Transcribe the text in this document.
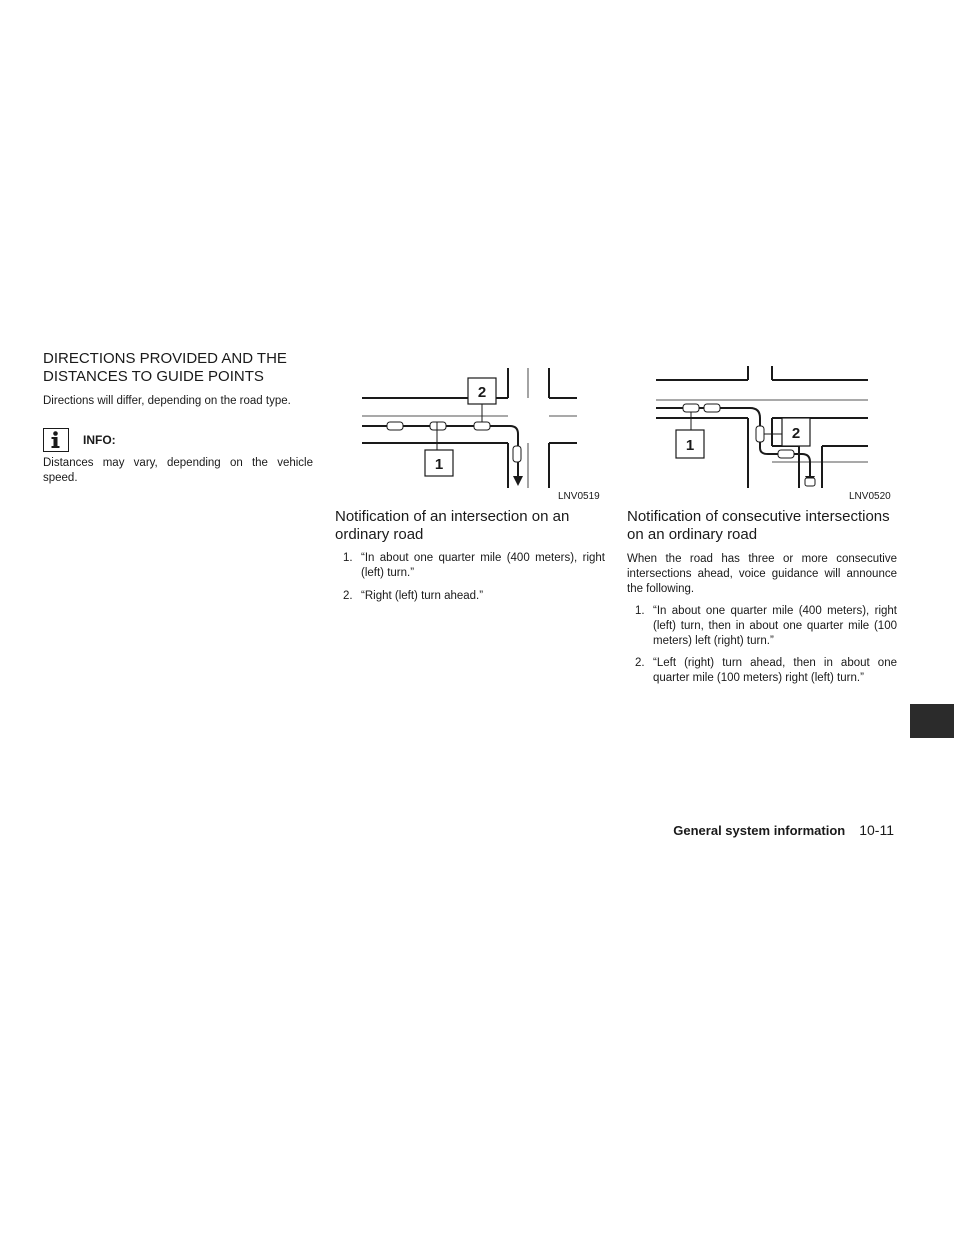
DIRECTIONS PROVIDED AND THE DISTANCES TO GUIDE POINTS
Directions will differ, depending on the road type.
INFO:
Distances may vary, depending on the vehicle speed.
1
2
LNV0519
Notification of an intersection on an ordinary road
1. “In about one quarter mile (400 meters), right (left) turn.”
2. “Right (left) turn ahead.”
1
2
LNV0520
Notification of consecutive intersections on an ordinary road
When the road has three or more consecutive intersections ahead, voice guidance will announce the following.
1. “In about one quarter mile (400 meters), right (left) turn, then in about one quarter mile (100 meters) left (right) turn.”
2. “Left (right) turn ahead, then in about one quarter mile (100 meters) right (left) turn.”
General system information 10-11
